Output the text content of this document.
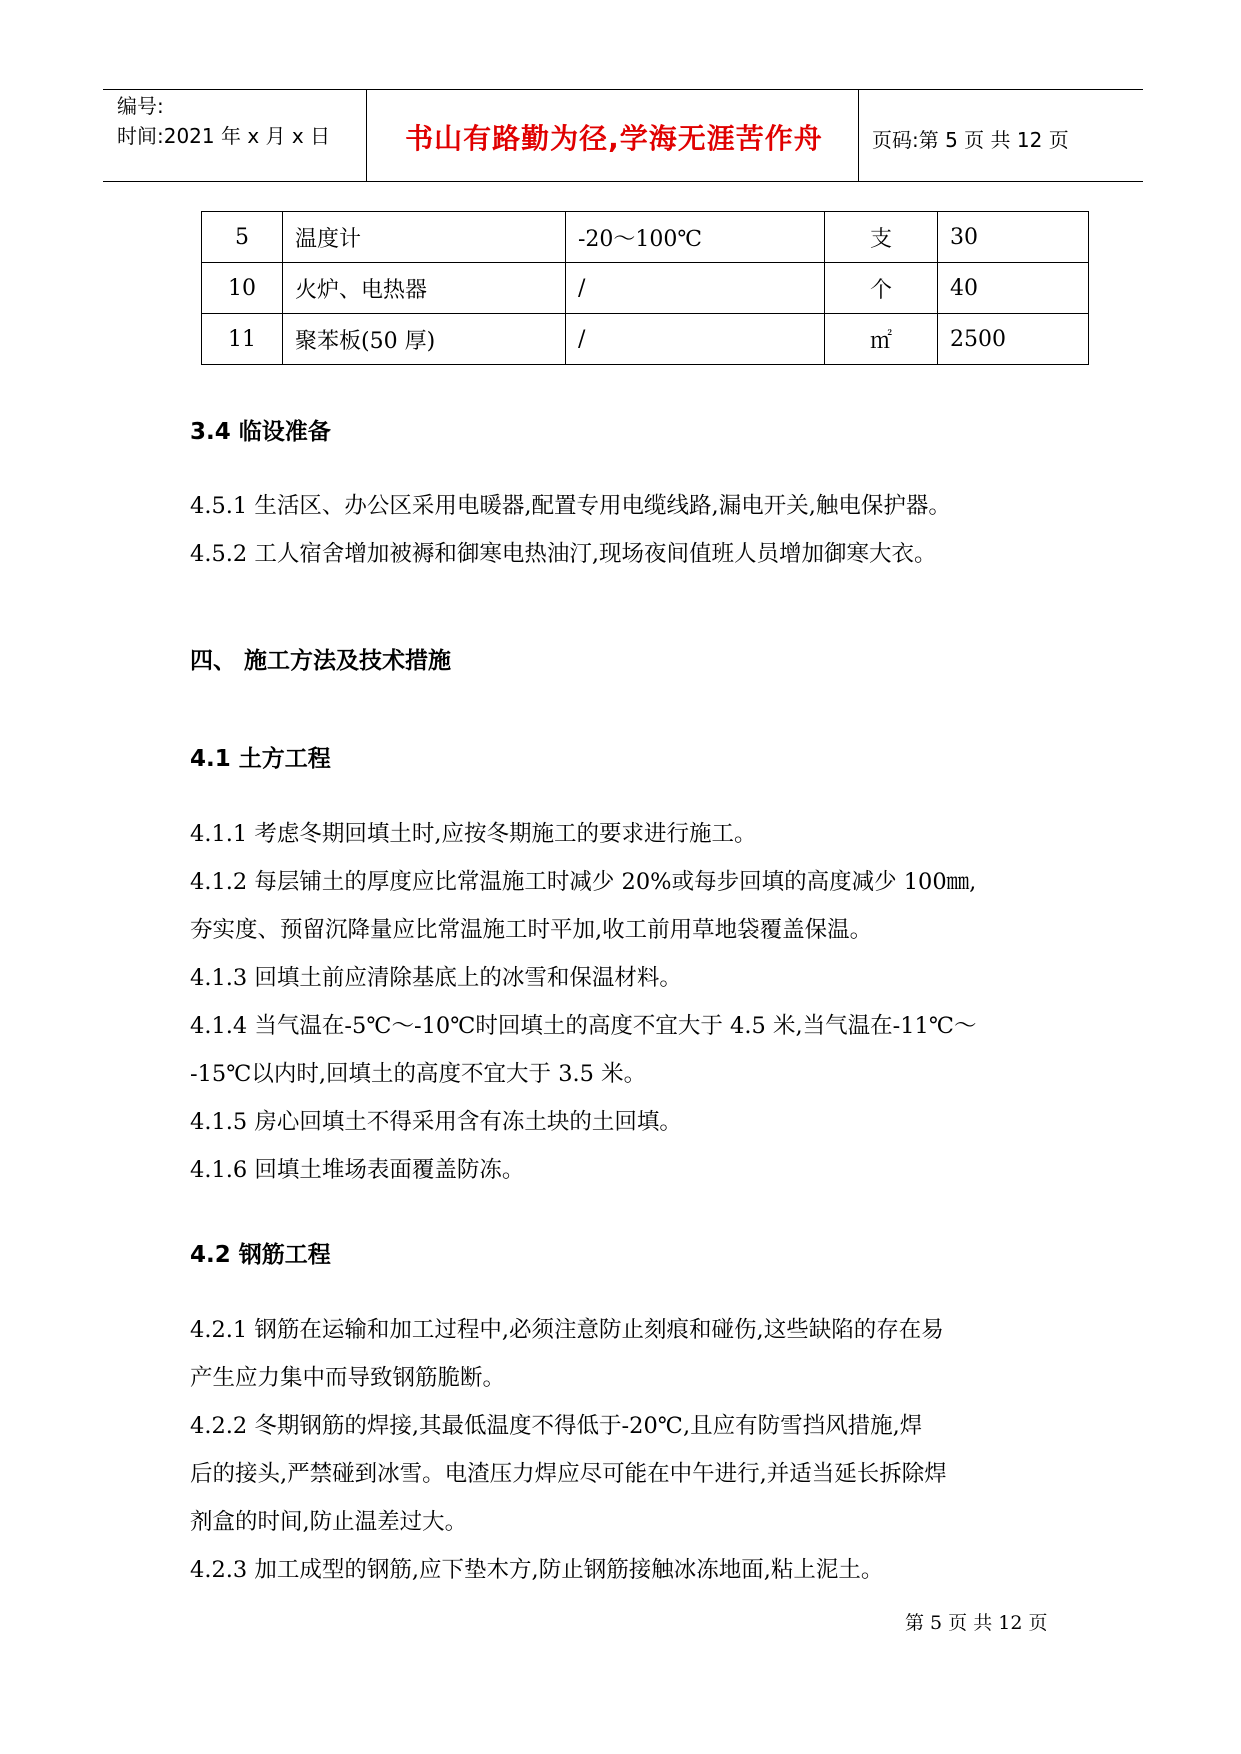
编号:
时间:2021 年 x 月 x 日	书山有路勤为径,学海无涯苦作舟	页码:第 5 页 共 12 页
5	温度计	-20～100℃	支	30
10	火炉、电热器	/	个	40
11	聚苯板(50 厚)	/	㎡	2500
3.4 临设准备
4.5.1 生活区、办公区采用电暖器,配置专用电缆线路,漏电开关,触电保护器。
4.5.2 工人宿舍增加被褥和御寒电热油汀,现场夜间值班人员增加御寒大衣。
四、 施工方法及技术措施
4.1 土方工程
4.1.1 考虑冬期回填土时,应按冬期施工的要求进行施工。
4.1.2 每层铺土的厚度应比常温施工时减少 20%或每步回填的高度减少 100㎜,
夯实度、预留沉降量应比常温施工时平加,收工前用草地袋覆盖保温。
4.1.3 回填土前应清除基底上的冰雪和保温材料。
4.1.4 当气温在-5℃～-10℃时回填土的高度不宜大于 4.5 米,当气温在-11℃～
-15℃以内时,回填土的高度不宜大于 3.5 米。
4.1.5 房心回填土不得采用含有冻土块的土回填。
4.1.6 回填土堆场表面覆盖防冻。
4.2 钢筋工程
4.2.1 钢筋在运输和加工过程中,必须注意防止刻痕和碰伤,这些缺陷的存在易
产生应力集中而导致钢筋脆断。
4.2.2 冬期钢筋的焊接,其最低温度不得低于-20℃,且应有防雪挡风措施,焊
后的接头,严禁碰到冰雪。电渣压力焊应尽可能在中午进行,并适当延长拆除焊
剂盒的时间,防止温差过大。
4.2.3 加工成型的钢筋,应下垫木方,防止钢筋接触冰冻地面,粘上泥土。
第 5 页 共 12 页
